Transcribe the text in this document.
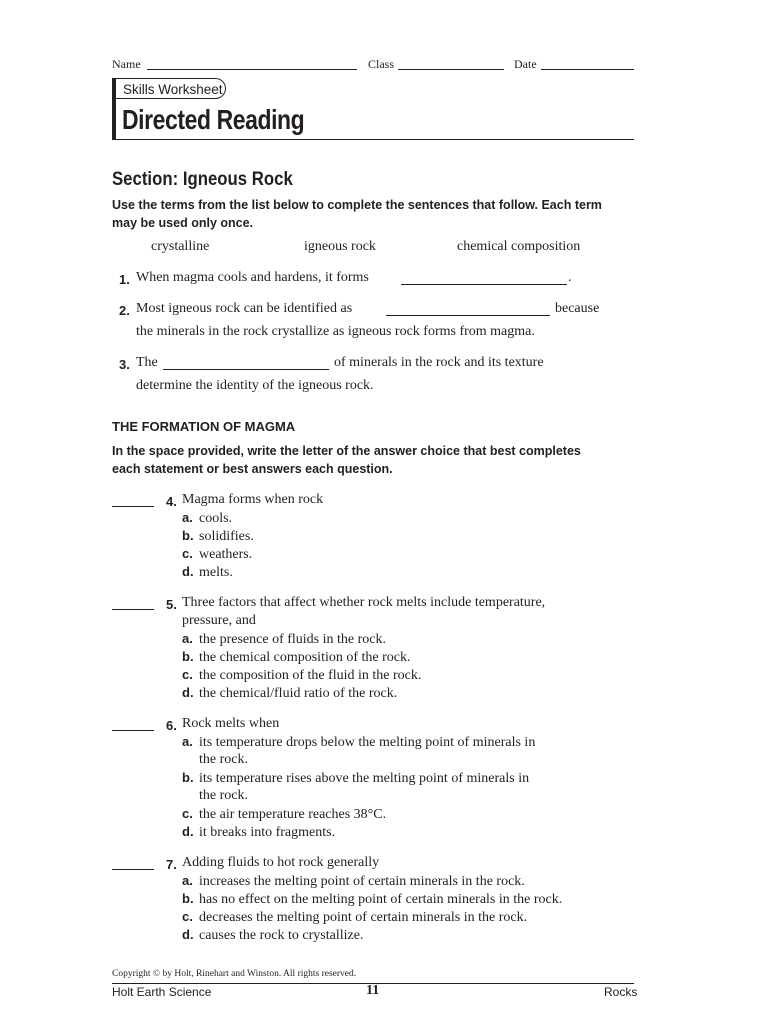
Name	Class	Date
Skills Worksheet
Directed Reading
Section: Igneous Rock
Use the terms from the list below to complete the sentences that follow. Each term
may be used only once.
crystalline	igneous rock	chemical composition
1. When magma cools and hardens, it forms	.
2. Most igneous rock can be identified as	because
the minerals in the rock crystallize as igneous rock forms from magma.
3. The	of minerals in the rock and its texture
determine the identity of the igneous rock.
THE FORMATION OF MAGMA
In the space provided, write the letter of the answer choice that best completes
each statement or best answers each question.
4. Magma forms when rock
a. cools.
b. solidifies.
c. weathers.
d. melts.
5. Three factors that affect whether rock melts include temperature,
pressure, and
a. the presence of fluids in the rock.
b. the chemical composition of the rock.
c. the composition of the fluid in the rock.
d. the chemical/fluid ratio of the rock.
6. Rock melts when
a. its temperature drops below the melting point of minerals in
the rock.
b. its temperature rises above the melting point of minerals in
the rock.
c. the air temperature reaches 38°C.
d. it breaks into fragments.
7. Adding fluids to hot rock generally
a. increases the melting point of certain minerals in the rock.
b. has no effect on the melting point of certain minerals in the rock.
c. decreases the melting point of certain minerals in the rock.
d. causes the rock to crystallize.
Copyright © by Holt, Rinehart and Winston. All rights reserved.
Holt Earth Science	11	Rocks
